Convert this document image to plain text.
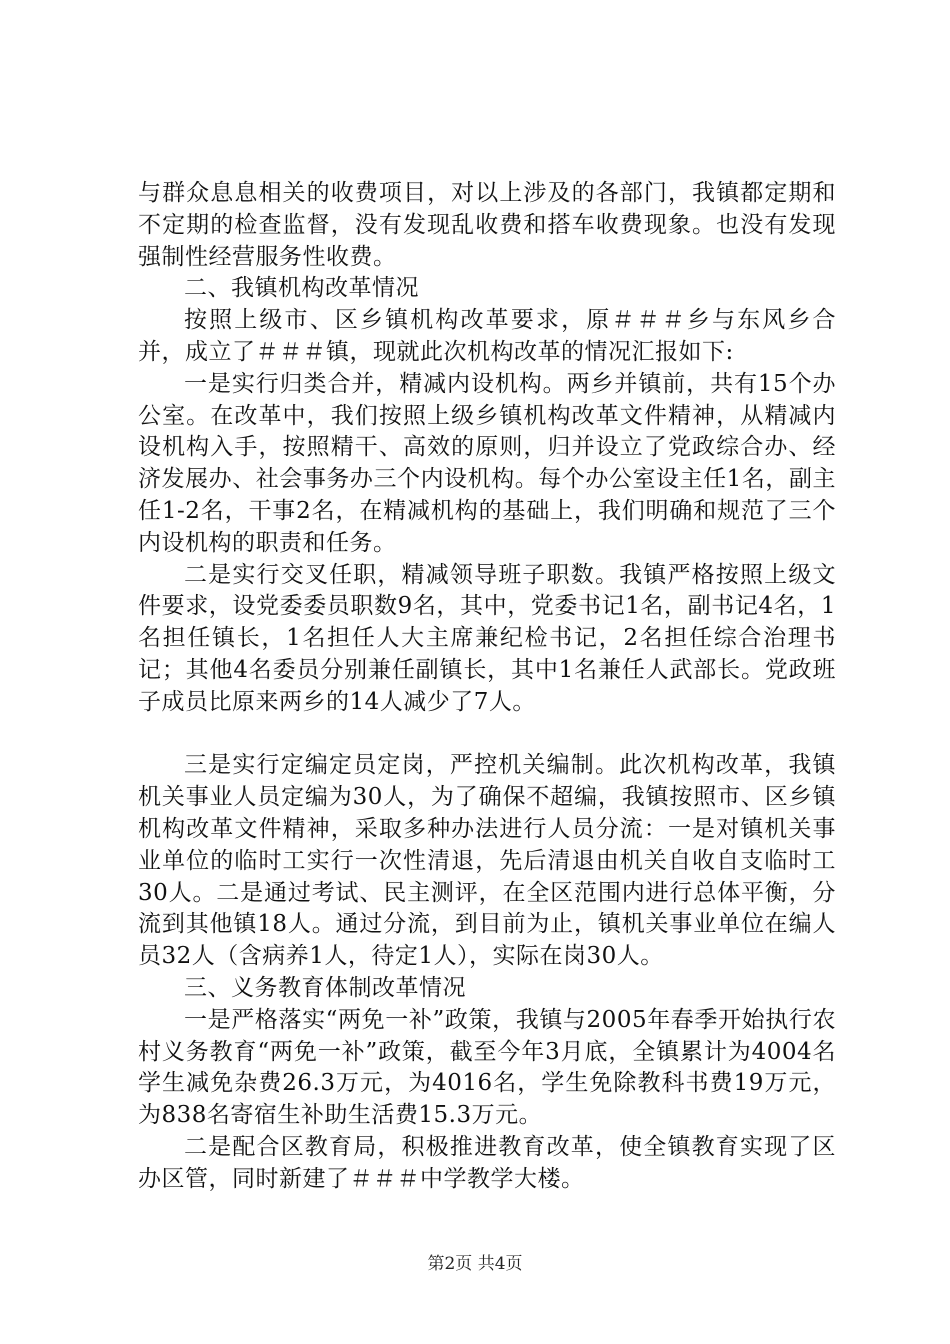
与群众息息相关的收费项目，对以上涉及的各部门，我镇都定期和不定期的检查监督，没有发现乱收费和搭车收费现象。也没有发现强制性经营服务性收费。

二、我镇机构改革情况

按照上级市、区乡镇机构改革要求，原＃＃＃乡与东风乡合并，成立了＃＃＃镇，现就此次机构改革的情况汇报如下:

一是实行归类合并，精减内设机构。两乡并镇前，共有15个办公室。在改革中，我们按照上级乡镇机构改革文件精神，从精减内设机构入手，按照精干、高效的原则，归并设立了党政综合办、经济发展办、社会事务办三个内设机构。每个办公室设主任1名，副主任1-2名，干事2名，在精减机构的基础上，我们明确和规范了三个内设机构的职责和任务。

二是实行交叉任职，精减领导班子职数。我镇严格按照上级文件要求，设党委委员职数9名，其中，党委书记1名，副书记4名，1名担任镇长，1名担任人大主席兼纪检书记，2名担任综合治理书记；其他4名委员分别兼任副镇长，其中1名兼任人武部长。党政班子成员比原来两乡的14人减少了7人。

三是实行定编定员定岗，严控机关编制。此次机构改革，我镇机关事业人员定编为30人，为了确保不超编，我镇按照市、区乡镇机构改革文件精神，采取多种办法进行人员分流：一是对镇机关事业单位的临时工实行一次性清退，先后清退由机关自收自支临时工30人。二是通过考试、民主测评，在全区范围内进行总体平衡，分流到其他镇18人。通过分流，到目前为止，镇机关事业单位在编人员32人（含病养1人，待定1人），实际在岗30人。

三、义务教育体制改革情况

一是严格落实“两免一补”政策，我镇与2005年春季开始执行农村义务教育“两免一补”政策，截至今年3月底，全镇累计为4004名学生减免杂费26.3万元，为4016名，学生免除教科书费19万元，为838名寄宿生补助生活费15.3万元。

二是配合区教育局，积极推进教育改革，使全镇教育实现了区办区管，同时新建了＃＃＃中学教学大楼。

第2页 共4页
